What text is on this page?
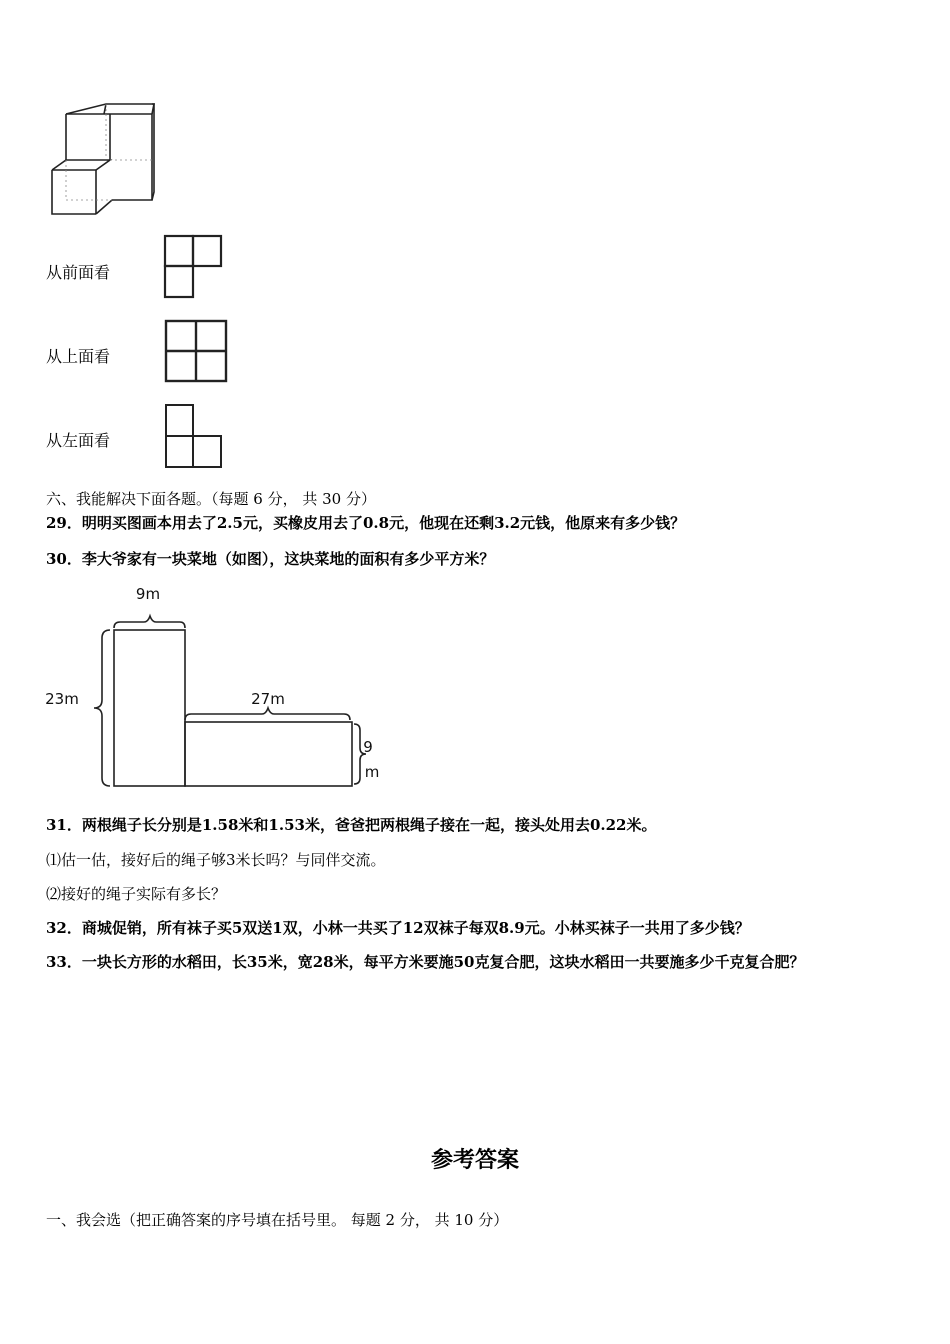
从前面看
从上面看
从左面看
六、我能解决下面各题。（每题 6 分， 共 30 分）
29．明明买图画本用去了2.5元，买橡皮用去了0.8元，他现在还剩3.2元钱，他原来有多少钱？
30．李大爷家有一块菜地（如图），这块菜地的面积有多少平方米？
9m
23m	27m
9
m
31．两根绳子长分别是1.58米和1.53米，爸爸把两根绳子接在一起，接头处用去0.22米。
⑴估一估，接好后的绳子够3米长吗？与同伴交流。
⑵接好的绳子实际有多长？
32．商城促销，所有袜子买5双送1双，小林一共买了12双袜子每双8.9元。小林买袜子一共用了多少钱？
33．一块长方形的水稻田，长35米，宽28米，每平方米要施50克复合肥，这块水稻田一共要施多少千克复合肥？
参考答案
一、我会选（把正确答案的序号填在括号里。 每题 2 分， 共 10 分）
